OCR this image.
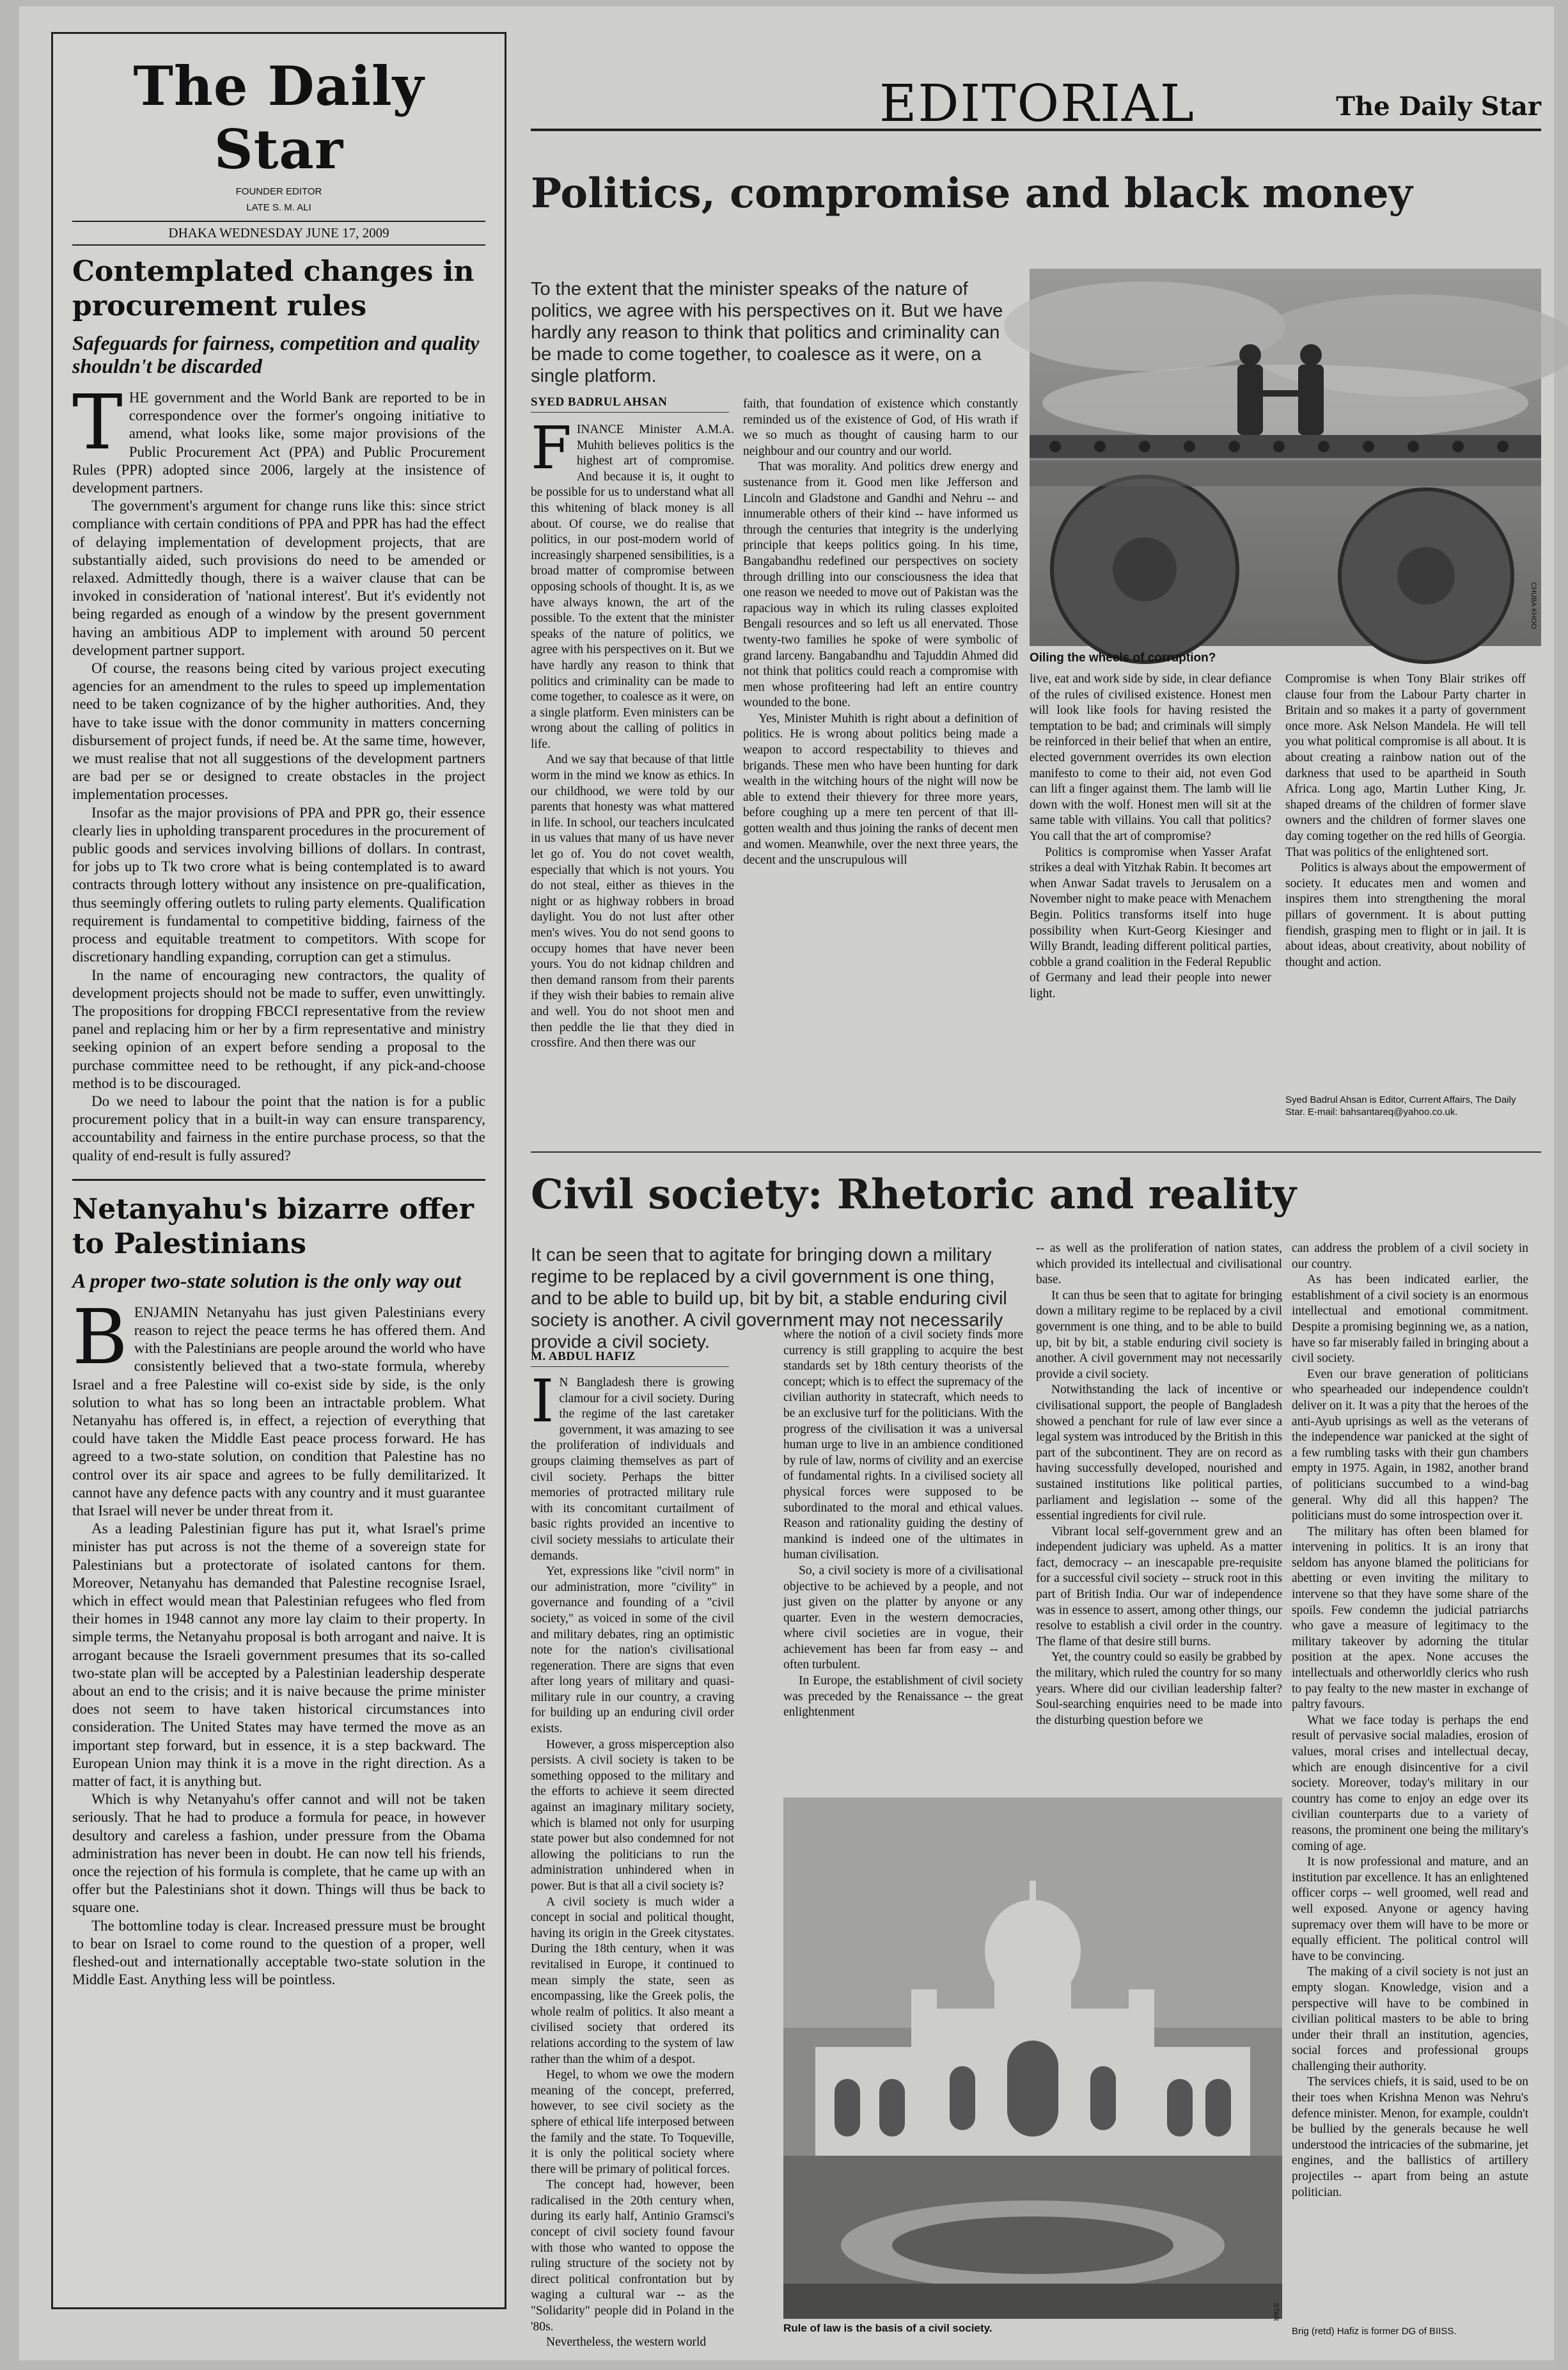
The Daily Star
FOUNDER EDITOR
LATE S. M. ALI
DHAKA WEDNESDAY JUNE 17, 2009
Contemplated changes in procurement rules
Safeguards for fairness, competition and quality shouldn't be discarded

THE government and the World Bank are reported to be in correspondence over the former's ongoing initiative to amend, what looks like, some major provisions of the Public Procurement Act (PPA) and Public Procurement Rules (PPR) adopted since 2006, largely at the insistence of development partners.

The government's argument for change runs like this: since strict compliance with certain conditions of PPA and PPR has had the effect of delaying implementation of development projects, that are substantially aided, such provisions do need to be amended or relaxed. Admittedly though, there is a waiver clause that can be invoked in consideration of 'national interest'. But it's evidently not being regarded as enough of a window by the present government having an ambitious ADP to implement with around 50 percent development partner support.

Of course, the reasons being cited by various project executing agencies for an amendment to the rules to speed up implementation need to be taken cognizance of by the higher authorities. And, they have to take issue with the donor community in matters concerning disbursement of project funds, if need be. At the same time, however, we must realise that not all suggestions of the development partners are bad per se or designed to create obstacles in the project implementation processes.

Insofar as the major provisions of PPA and PPR go, their essence clearly lies in upholding transparent procedures in the procurement of public goods and services involving billions of dollars. In contrast, for jobs up to Tk two crore what is being contemplated is to award contracts through lottery without any insistence on pre-qualification, thus seemingly offering outlets to ruling party elements. Qualification requirement is fundamental to competitive bidding, fairness of the process and equitable treatment to competitors. With scope for discretionary handling expanding, corruption can get a stimulus.

In the name of encouraging new contractors, the quality of development projects should not be made to suffer, even unwittingly. The propositions for dropping FBCCI representative from the review panel and replacing him or her by a firm representative and ministry seeking opinion of an expert before sending a proposal to the purchase committee need to be rethought, if any pick-and-choose method is to be discouraged.

Do we need to labour the point that the nation is for a public procurement policy that in a built-in way can ensure transparency, accountability and fairness in the entire purchase process, so that the quality of end-result is fully assured?

Netanyahu's bizarre offer to Palestinians
A proper two-state solution is the only way out

BENJAMIN Netanyahu has just given Palestinians every reason to reject the peace terms he has offered them. And with the Palestinians are people around the world who have consistently believed that a two-state formula, whereby Israel and a free Palestine will co-exist side by side, is the only solution to what has so long been an intractable problem. What Netanyahu has offered is, in effect, a rejection of everything that could have taken the Middle East peace process forward. He has agreed to a two-state solution, on condition that Palestine has no control over its air space and agrees to be fully demilitarized. It cannot have any defence pacts with any country and it must guarantee that Israel will never be under threat from it.

As a leading Palestinian figure has put it, what Israel's prime minister has put across is not the theme of a sovereign state for Palestinians but a protectorate of isolated cantons for them. Moreover, Netanyahu has demanded that Palestine recognise Israel, which in effect would mean that Palestinian refugees who fled from their homes in 1948 cannot any more lay claim to their property. In simple terms, the Netanyahu proposal is both arrogant and naive. It is arrogant because the Israeli government presumes that its so-called two-state plan will be accepted by a Palestinian leadership desperate about an end to the crisis; and it is naive because the prime minister does not seem to have taken historical circumstances into consideration. The United States may have termed the move as an important step forward, but in essence, it is a step backward. The European Union may think it is a move in the right direction. As a matter of fact, it is anything but.

Which is why Netanyahu's offer cannot and will not be taken seriously. That he had to produce a formula for peace, in however desultory and careless a fashion, under pressure from the Obama administration has never been in doubt. He can now tell his friends, once the rejection of his formula is complete, that he came up with an offer but the Palestinians shot it down. Things will thus be back to square one.

The bottomline today is clear. Increased pressure must be brought to bear on Israel to come round to the question of a proper, well fleshed-out and internationally acceptable two-state solution in the Middle East. Anything less will be pointless.

EDITORIAL	The Daily Star
Politics, compromise and black money
To the extent that the minister speaks of the nature of politics, we agree with his perspectives on it. But we have hardly any reason to think that politics and criminality can be made to come together, to coalesce as it were, on a single platform.
SYED BADRUL AHSAN

FINANCE Minister A.M.A. Muhith believes politics is the highest art of compromise. And because it is, it ought to be possible for us to understand what all this whitening of black money is all about. Of course, we do realise that politics, in our post-modern world of increasingly sharpened sensibilities, is a broad matter of compromise between opposing schools of thought. It is, as we have always known, the art of the possible. To the extent that the minister speaks of the nature of politics, we agree with his perspectives on it. But we have hardly any reason to think that politics and criminality can be made to come together, to coalesce as it were, on a single platform. Even ministers can be wrong about the calling of politics in life.

And we say that because of that little worm in the mind we know as ethics. In our childhood, we were told by our parents that honesty was what mattered in life. In school, our teachers inculcated in us values that many of us have never let go of. You do not covet wealth, especially that which is not yours. You do not steal, either as thieves in the night or as highway robbers in broad daylight. You do not lust after other men's wives. You do not send goons to occupy homes that have never been yours. You do not kidnap children and then demand ransom from their parents if they wish their babies to remain alive and well. You do not shoot men and then peddle the lie that they died in crossfire. And then there was our

faith, that foundation of existence which constantly reminded us of the existence of God, of His wrath if we so much as thought of causing harm to our neighbour and our country and our world.

That was morality. And politics drew energy and sustenance from it. Good men like Jefferson and Lincoln and Gladstone and Gandhi and Nehru -- and innumerable others of their kind -- have informed us through the centuries that integrity is the underlying principle that keeps politics going. In his time, Bangabandhu redefined our perspectives on society through drilling into our consciousness the idea that one reason we needed to move out of Pakistan was the rapacious way in which its ruling classes exploited Bengali resources and so left us all enervated. Those twenty-two families he spoke of were symbolic of grand larceny. Bangabandhu and Tajuddin Ahmed did not think that politics could reach a compromise with men whose profiteering had left an entire country wounded to the bone.

Yes, Minister Muhith is right about a definition of politics. He is wrong about politics being made a weapon to accord respectability to thieves and brigands. These men who have been hunting for dark wealth in the witching hours of the night will now be able to extend their thievery for three more years, before coughing up a mere ten percent of that ill-gotten wealth and thus joining the ranks of decent men and women. Meanwhile, over the next three years, the decent and the unscrupulous will

Oiling the wheels of corruption?
CHUBA KHOO

live, eat and work side by side, in clear defiance of the rules of civilised existence. Honest men will look like fools for having resisted the temptation to be bad; and criminals will simply be reinforced in their belief that when an entire, elected government overrides its own election manifesto to come to their aid, not even God can lift a finger against them. The lamb will lie down with the wolf. Honest men will sit at the same table with villains. You call that politics? You call that the art of compromise?

Politics is compromise when Yasser Arafat strikes a deal with Yitzhak Rabin. It becomes art when Anwar Sadat travels to Jerusalem on a November night to make peace with Menachem Begin. Politics transforms itself into huge possibility when Kurt-Georg Kiesinger and Willy Brandt, leading different political parties, cobble a grand coalition in the Federal Republic of Germany and lead their people into newer light.

Compromise is when Tony Blair strikes off clause four from the Labour Party charter in Britain and so makes it a party of government once more. Ask Nelson Mandela. He will tell you what political compromise is all about. It is about creating a rainbow nation out of the darkness that used to be apartheid in South Africa. Long ago, Martin Luther King, Jr. shaped dreams of the children of former slave owners and the children of former slaves one day coming together on the red hills of Georgia. That was politics of the enlightened sort.

Politics is always about the empowerment of society. It educates men and women and inspires them into strengthening the moral pillars of government. It is about putting fiendish, grasping men to flight or in jail. It is about ideas, about creativity, about nobility of thought and action.

Syed Badrul Ahsan is Editor, Current Affairs, The Daily Star. E-mail: bahsantareq@yahoo.co.uk.
Civil society: Rhetoric and reality
It can be seen that to agitate for bringing down a military regime to be replaced by a civil government is one thing, and to be able to build up, bit by bit, a stable enduring civil society is another. A civil government may not necessarily provide a civil society.
M. ABDUL HAFIZ

I N Bangladesh there is growing clamour for a civil society. During the regime of the last caretaker government, it was amazing to see the proliferation of individuals and groups claiming themselves as part of civil society. Perhaps the bitter memories of protracted military rule with its concomitant curtailment of basic rights provided an incentive to civil society messiahs to articulate their demands.

Yet, expressions like "civil norm" in our administration, more "civility" in governance and founding of a "civil society," as voiced in some of the civil and military debates, ring an optimistic note for the nation's civilisational regeneration. There are signs that even after long years of military and quasi-military rule in our country, a craving for building up an enduring civil order exists.

However, a gross misperception also persists. A civil society is taken to be something opposed to the military and the efforts to achieve it seem directed against an imaginary military society, which is blamed not only for usurping state power but also condemned for not allowing the politicians to run the administration unhindered when in power. But is that all a civil society is?

A civil society is much wider a concept in social and political thought, having its origin in the Greek citystates. During the 18th century, when it was revitalised in Europe, it continued to mean simply the state, seen as encompassing, like the Greek polis, the whole realm of politics. It also meant a civilised society that ordered its relations according to the system of law rather than the whim of a despot.

Hegel, to whom we owe the modern meaning of the concept, preferred, however, to see civil society as the sphere of ethical life interposed between the family and the state. To Toqueville, it is only the political society where there will be primary of political forces.

The concept had, however, been radicalised in the 20th century when, during its early half, Antinio Gramsci's concept of civil society found favour with those who wanted to oppose the ruling structure of the society not by direct political confrontation but by waging a cultural war -- as the "Solidarity" people did in Poland in the '80s.

Nevertheless, the western world

where the notion of a civil society finds more currency is still grappling to acquire the best standards set by 18th century theorists of the concept; which is to effect the supremacy of the civilian authority in statecraft, which needs to be an exclusive turf for the politicians. With the progress of the civilisation it was a universal human urge to live in an ambience conditioned by rule of law, norms of civility and an exercise of fundamental rights. In a civilised society all physical forces were supposed to be subordinated to the moral and ethical values. Reason and rationality guiding the destiny of mankind is indeed one of the ultimates in human civilisation.

So, a civil society is more of a civilisational objective to be achieved by a people, and not just given on the platter by anyone or any quarter. Even in the western democracies, where civil societies are in vogue, their achievement has been far from easy -- and often turbulent.

In Europe, the establishment of civil society was preceded by the Renaissance -- the great enlightenment

-- as well as the proliferation of nation states, which provided its intellectual and civilisational base.

It can thus be seen that to agitate for bringing down a military regime to be replaced by a civil government is one thing, and to be able to build up, bit by bit, a stable enduring civil society is another. A civil government may not necessarily provide a civil society.

Notwithstanding the lack of incentive or civilisational support, the people of Bangladesh showed a penchant for rule of law ever since a legal system was introduced by the British in this part of the subcontinent. They are on record as having successfully developed, nourished and sustained institutions like political parties, parliament and legislation -- some of the essential ingredients for civil rule.

Vibrant local self-government grew and an independent judiciary was upheld. As a matter fact, democracy -- an inescapable pre-requisite for a successful civil society -- struck root in this part of British India. Our war of independence was in essence to assert, among other things, our resolve to establish a civil order in the country. The flame of that desire still burns.

Yet, the country could so easily be grabbed by the military, which ruled the country for so many years. Where did our civilian leadership falter? Soul-searching enquiries need to be made into the disturbing question before we

Rule of law is the basis of a civil society.
STAR

can address the problem of a civil society in our country.

As has been indicated earlier, the establishment of a civil society is an enormous intellectual and emotional commitment. Despite a promising beginning we, as a nation, have so far miserably failed in bringing about a civil society.

Even our brave generation of politicians who spearheaded our independence couldn't deliver on it. It was a pity that the heroes of the anti-Ayub uprisings as well as the veterans of the independence war panicked at the sight of a few rumbling tasks with their gun chambers empty in 1975. Again, in 1982, another brand of politicians succumbed to a wind-bag general. Why did all this happen? The politicians must do some introspection over it.

The military has often been blamed for intervening in politics. It is an irony that seldom has anyone blamed the politicians for abetting or even inviting the military to intervene so that they have some share of the spoils. Few condemn the judicial patriarchs who gave a measure of legitimacy to the military takeover by adorning the titular position at the apex. None accuses the intellectuals and otherworldly clerics who rush to pay fealty to the new master in exchange of paltry favours.

What we face today is perhaps the end result of pervasive social maladies, erosion of values, moral crises and intellectual decay, which are enough disincentive for a civil society. Moreover, today's military in our country has come to enjoy an edge over its civilian counterparts due to a variety of reasons, the prominent one being the military's coming of age.

It is now professional and mature, and an institution par excellence. It has an enlightened officer corps -- well groomed, well read and well exposed. Anyone or agency having supremacy over them will have to be more or equally efficient. The political control will have to be convincing.

The making of a civil society is not just an empty slogan. Knowledge, vision and a perspective will have to be combined in civilian political masters to be able to bring under their thrall an institution, agencies, social forces and professional groups challenging their authority.

The services chiefs, it is said, used to be on their toes when Krishna Menon was Nehru's defence minister. Menon, for example, couldn't be bullied by the generals because he well understood the intricacies of the submarine, jet engines, and the ballistics of artillery projectiles -- apart from being an astute politician.

Brig (retd) Hafiz is former DG of BIISS.
